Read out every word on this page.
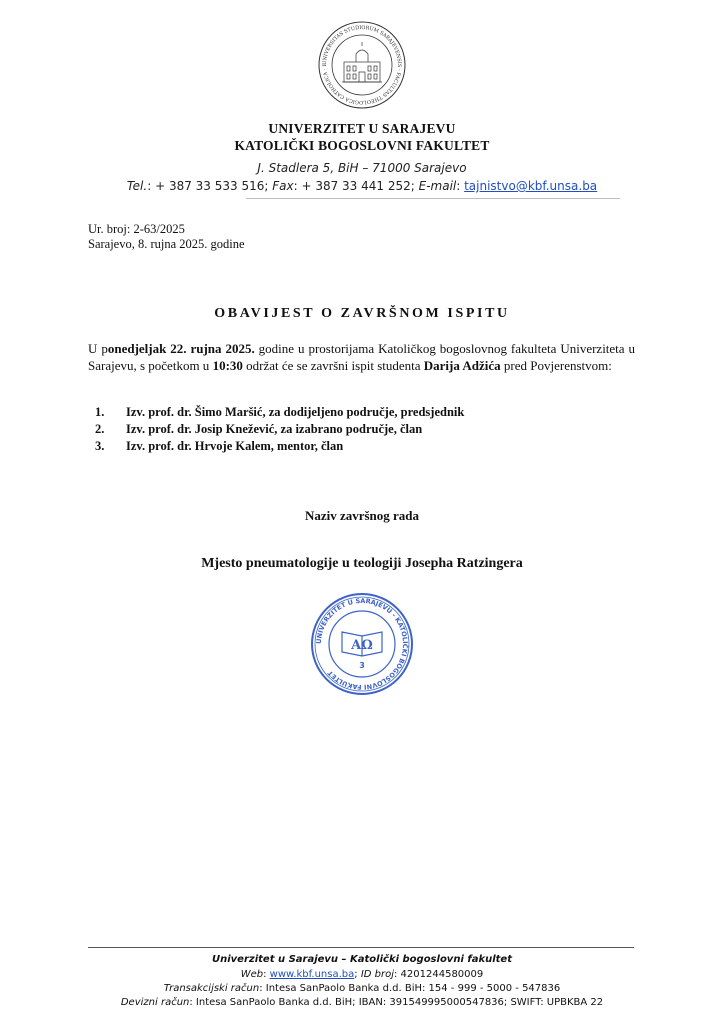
UNIVERSITAS STUDIORUM SARAJEVENSIS · FACULTAS THEOLOGICA CATHOLICA · 1
UNIVERZITET U SARAJEVU
KATOLIČKI BOGOSLOVNI FAKULTET
J. Stadlera 5, BiH – 71000 Sarajevo
Tel.: + 387 33 533 516; Fax: + 387 33 441 252; E-mail: tajnistvo@kbf.unsa.ba
Ur. broj: 2-63/2025
Sarajevo, 8. rujna 2025. godine
OBAVIJEST O ZAVRŠNOM ISPITU
U ponedjeljak 22. rujna 2025. godine u prostorijama Katoličkog bogoslovnog fakulteta Univerziteta u Sarajevu, s početkom u 10:30 održat će se završni ispit studenta Darija Adžića pred Povjerenstvom:
1.	Izv. prof. dr. Šimo Maršić, za dodijeljeno područje, predsjednik
2.	Izv. prof. dr. Josip Knežević, za izabrano područje, član
3.	Izv. prof. dr. Hrvoje Kalem, mentor, član
Naziv završnog rada
Mjesto pneumatologije u teologiji Josepha Ratzingera
UNIVERZITET U SARAJEVU - KATOLIČKI BOGOSLOVNI FAKULTET
AΩ
3
Univerzitet u Sarajevu – Katolički bogoslovni fakultet
Web: www.kbf.unsa.ba; ID broj: 4201244580009
Transakcijski račun: Intesa SanPaolo Banka d.d. BiH: 154 - 999 - 5000 - 547836
Devizni račun: Intesa SanPaolo Banka d.d. BiH; IBAN: 391549995000547836; SWIFT: UPBKBA 22
